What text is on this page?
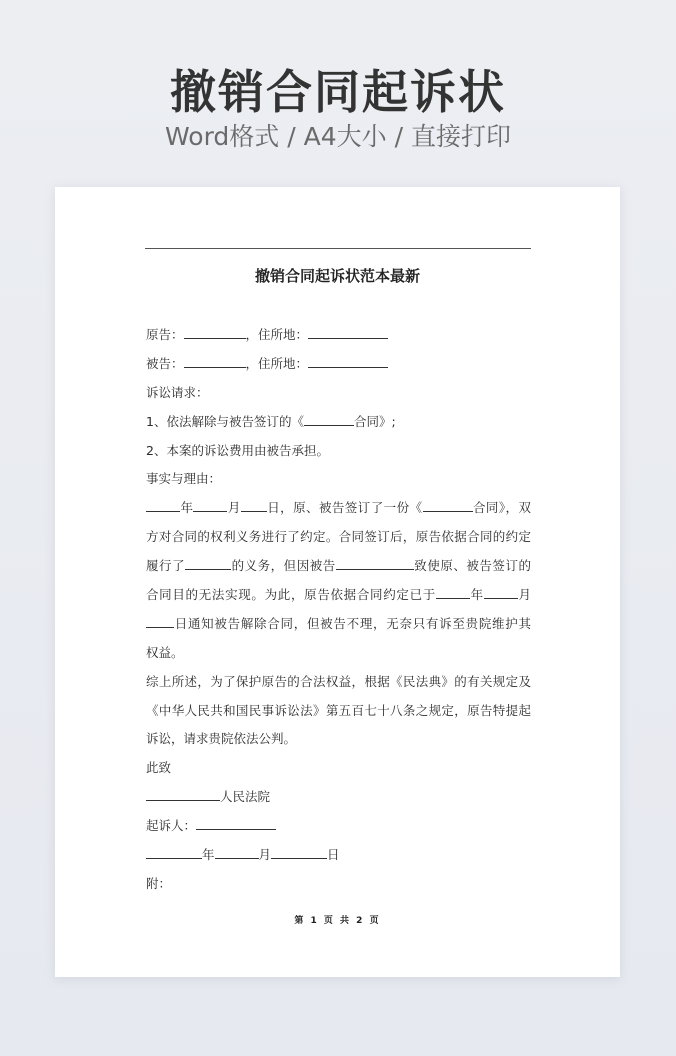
撤销合同起诉状
Word格式 / A4大小 / 直接打印
撤销合同起诉状范本最新
原告：	，住所地：
被告：	，住所地：
诉讼请求：
1、依法解除与被告签订的《	合同》;
2、本案的诉讼费用由被告承担。
事实与理由：
年	月 日，原、被告签订了一份《	合同》，双
方对合同的权利义务进行了约定。合同签订后，原告依据合同的约定
履行了	的义务，但因被告	致使原、被告签订的
合同目的无法实现。为此，原告依据合同约定已于	年	月
日通知被告解除合同，但被告不理，无奈只有诉至贵院维护其
权益。
综上所述，为了保护原告的合法权益，根据《民法典》的有关规定及
《中华人民共和国民事诉讼法》第五百七十八条之规定，原告特提起
诉讼，请求贵院依法公判。
此致
人民法院
起诉人：
年	月	日
附：
第 1 页 共 2 页
